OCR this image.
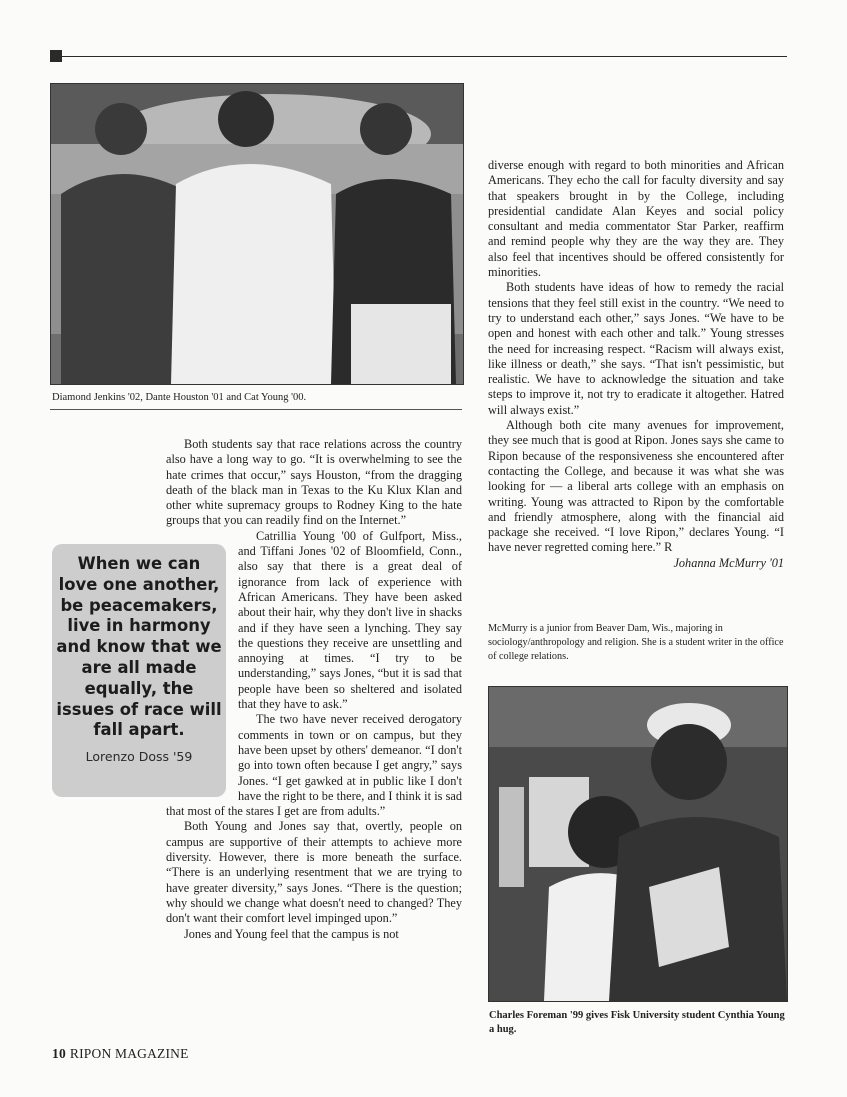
Diamond Jenkins '02, Dante Houston '01 and Cat Young '00.
When we can love one another, be peacemakers, live in harmony and know that we are all made equally, the issues of race will fall apart.
Lorenzo Doss '59

Both students say that race relations across the country also have a long way to go. “It is overwhelming to see the hate crimes that occur,” says Houston, “from the dragging death of the black man in Texas to the Ku Klux Klan and other white supremacy groups to Rodney King to the hate groups that you can readily find on the Internet.”

Catrillia Young '00 of Gulfport, Miss., and Tiffani Jones '02 of Bloomfield, Conn., also say that there is a great deal of ignorance from lack of experience with African Americans. They have been asked about their hair, why they don't live in shacks and if they have seen a lynching. They say the questions they receive are unsettling and annoying at times. “I try to be understanding,” says Jones, “but it is sad that people have been so sheltered and isolated that they have to ask.”

The two have never received derogatory comments in town or on campus, but they have been upset by others' demeanor. “I don't go into town often because I get angry,” says Jones. “I get gawked at in public like I don't have the right to be there, and I think it is sad that most of the stares I get are from adults.”

Both Young and Jones say that, overtly, people on campus are supportive of their attempts to achieve more diversity. However, there is more beneath the surface. “There is an underlying resentment that we are trying to have greater diversity,” says Jones. “There is the question; why should we change what doesn't need to changed? They don't want their comfort level impinged upon.”

Jones and Young feel that the campus is not

diverse enough with regard to both minorities and African Americans. They echo the call for faculty diversity and say that speakers brought in by the College, including presidential candidate Alan Keyes and social policy consultant and media commentator Star Parker, reaffirm and remind people why they are the way they are. They also feel that incentives should be offered consistently for minorities.

Both students have ideas of how to remedy the racial tensions that they feel still exist in the country. “We need to try to understand each other,” says Jones. “We have to be open and honest with each other and talk.” Young stresses the need for increasing respect. “Racism will always exist, like illness or death,” she says. “That isn't pessimistic, but realistic. We have to acknowledge the situation and take steps to improve it, not try to eradicate it altogether. Hatred will always exist.”

Although both cite many avenues for improvement, they see much that is good at Ripon. Jones says she came to Ripon because of the responsiveness she encountered after contacting the College, and because it was what she was looking for — a liberal arts college with an emphasis on writing. Young was attracted to Ripon by the comfortable and friendly atmosphere, along with the financial aid package she received. “I love Ripon,” declares Young. “I have never regretted coming here.” R

Johanna McMurry '01
McMurry is a junior from Beaver Dam, Wis., majoring in sociology/anthropology and religion. She is a student writer in the office of college relations.
Charles Foreman '99 gives Fisk University student Cynthia Young a hug.
10 RIPON MAGAZINE
